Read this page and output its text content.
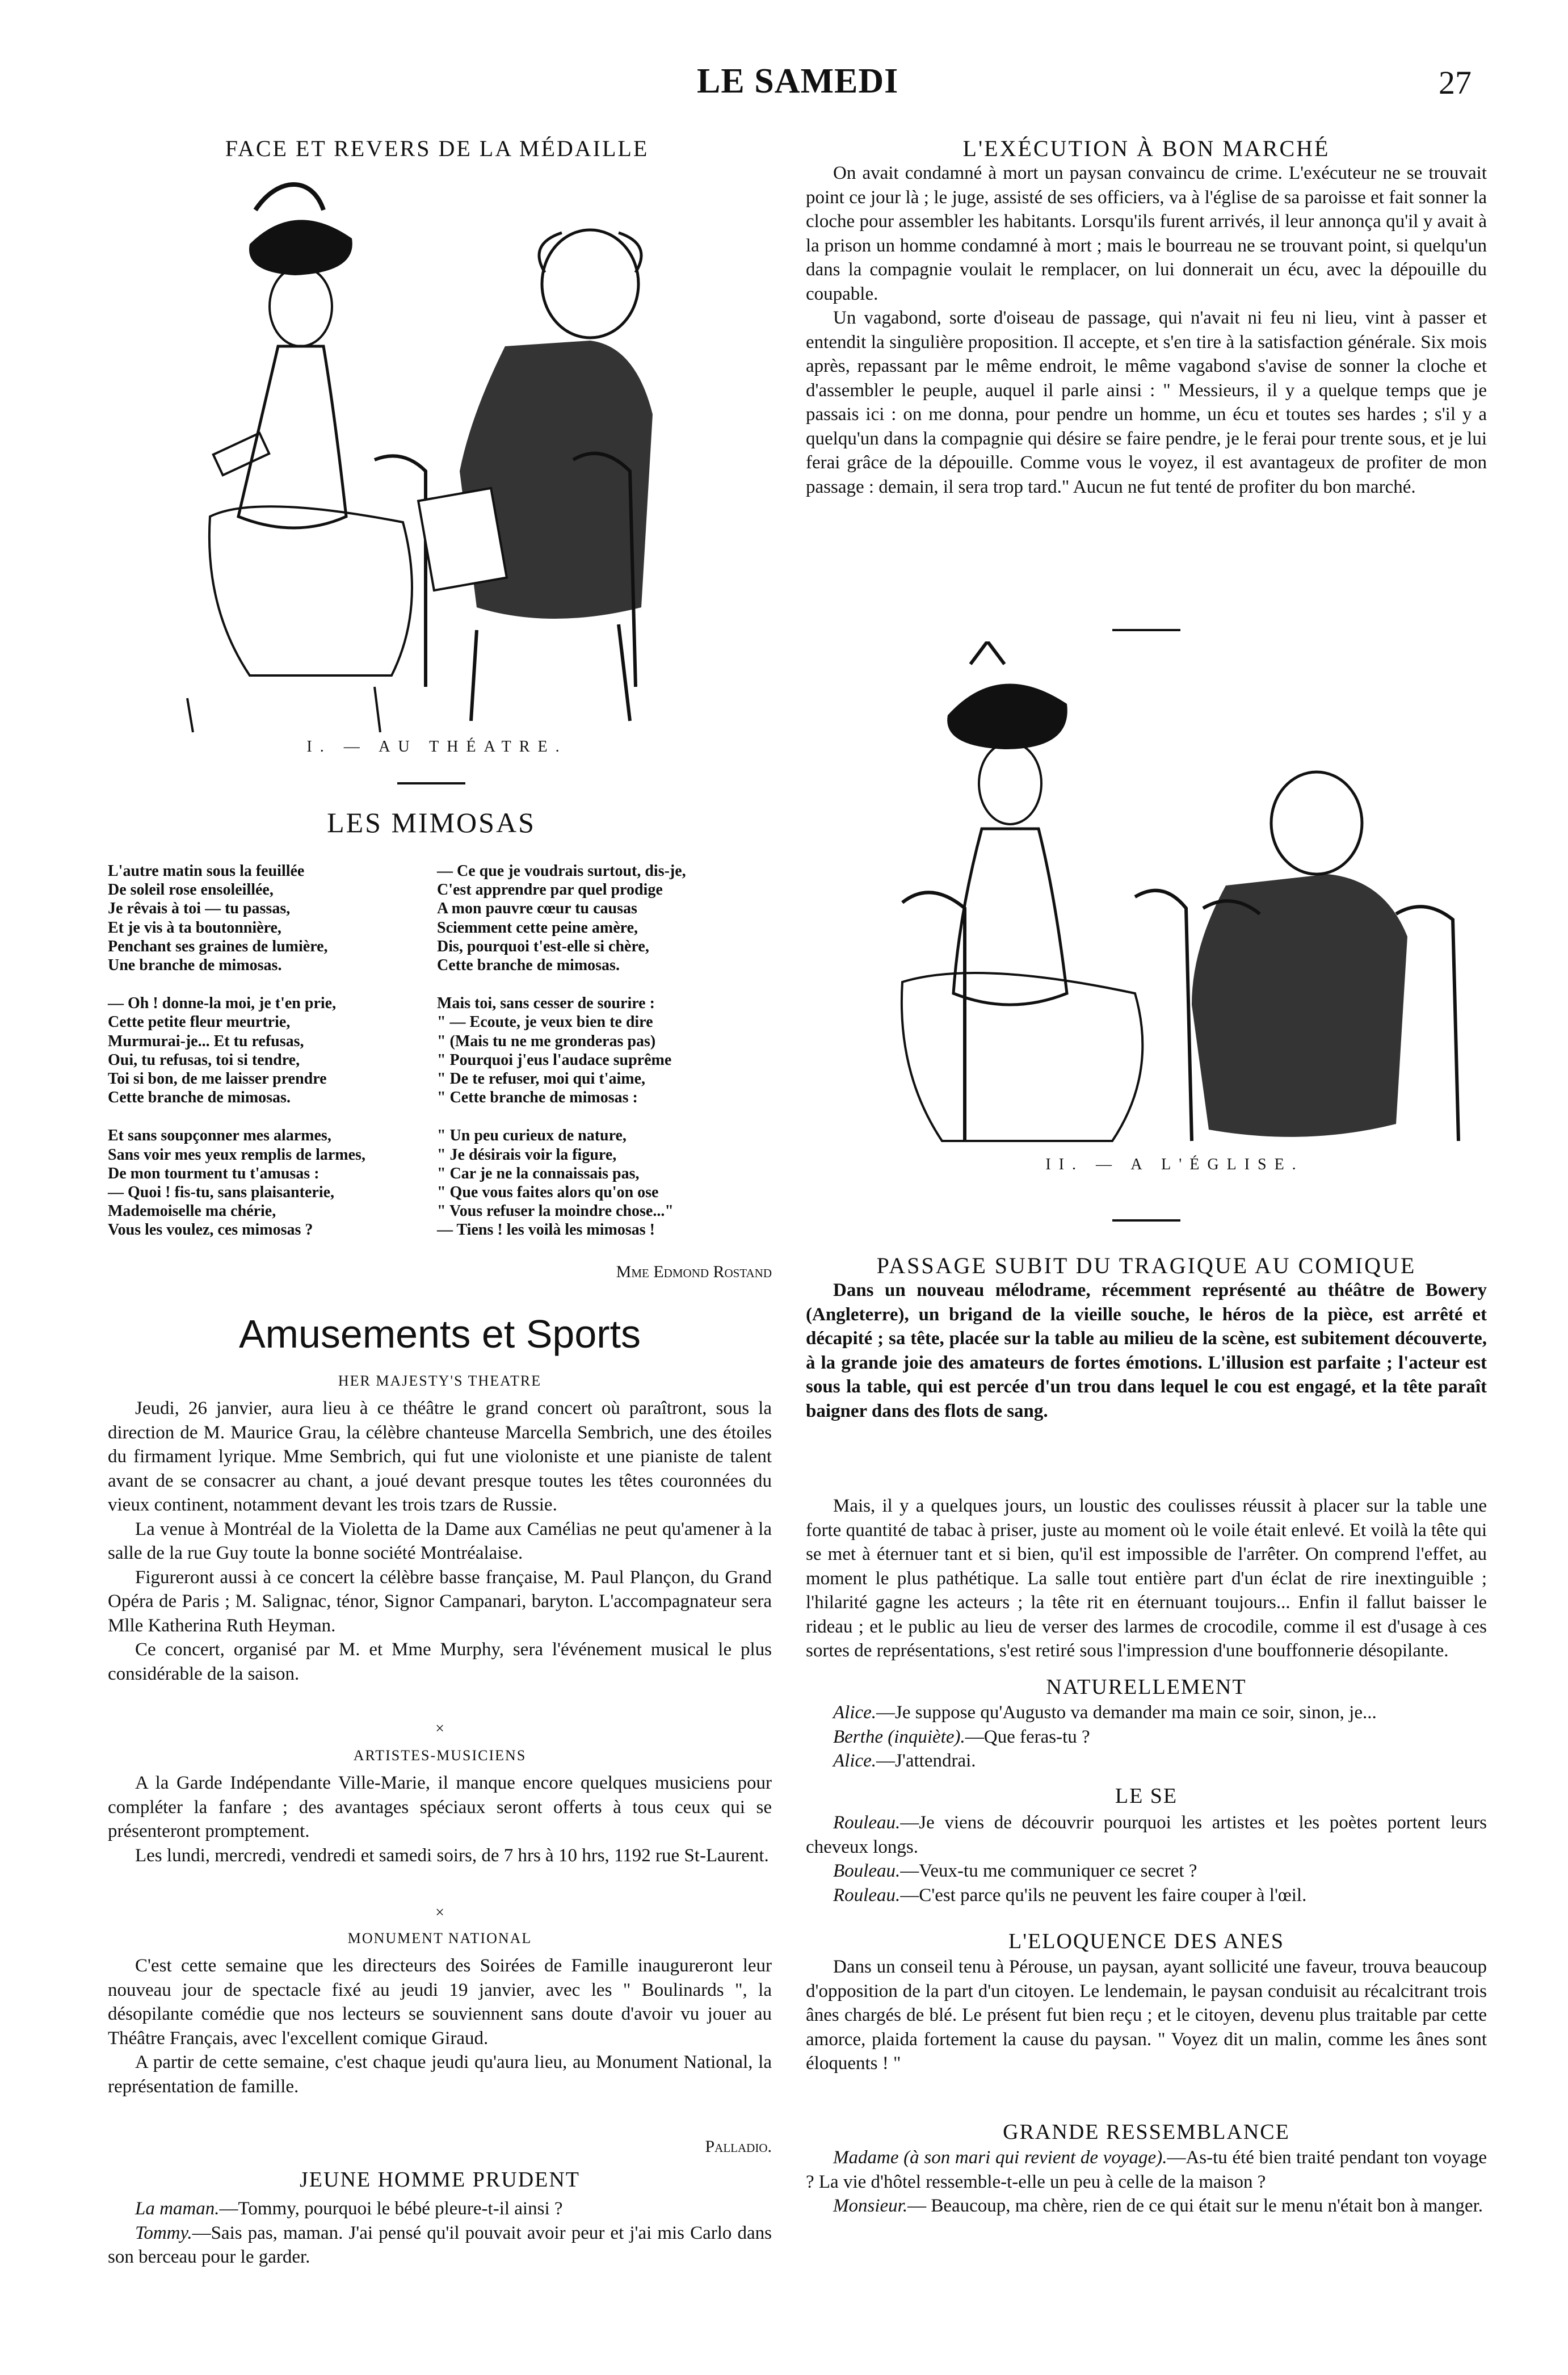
LE SAMEDI	27
FACE ET REVERS DE LA MÉDAILLE
I. — AU THÉATRE.
LES MIMOSAS
L'autre matin sous la feuillée
De soleil rose ensoleillée,
Je rêvais à toi — tu passas,
Et je vis à ta boutonnière,
Penchant ses graines de lumière,
Une branche de mimosas.
— Oh ! donne-la moi, je t'en prie,
Cette petite fleur meurtrie,
Murmurai-je... Et tu refusas,
Oui, tu refusas, toi si tendre,
Toi si bon, de me laisser prendre
Cette branche de mimosas.
Et sans soupçonner mes alarmes,
Sans voir mes yeux remplis de larmes,
De mon tourment tu t'amusas :
— Quoi ! fis-tu, sans plaisanterie,
Mademoiselle ma chérie,
Vous les voulez, ces mimosas ?
— Ce que je voudrais surtout, dis-je,
C'est apprendre par quel prodige
A mon pauvre cœur tu causas
Sciemment cette peine amère,
Dis, pourquoi t'est-elle si chère,
Cette branche de mimosas.
Mais toi, sans cesser de sourire :
" — Ecoute, je veux bien te dire
" (Mais tu ne me gronderas pas)
" Pourquoi j'eus l'audace suprême
" De te refuser, moi qui t'aime,
" Cette branche de mimosas :
" Un peu curieux de nature,
" Je désirais voir la figure,
" Car je ne la connaissais pas,
" Que vous faites alors qu'on ose
" Vous refuser la moindre chose..."
— Tiens ! les voilà les mimosas !
Mme Edmond Rostand
Amusements et Sports
HER MAJESTY'S THEATRE

Jeudi, 26 janvier, aura lieu à ce théâtre le grand concert où paraîtront, sous la direction de M. Maurice Grau, la célèbre chanteuse Marcella Sembrich, une des étoiles du firmament lyrique. Mme Sembrich, qui fut une violoniste et une pianiste de talent avant de se consacrer au chant, a joué devant presque toutes les têtes couronnées du vieux continent, notamment devant les trois tzars de Russie.

La venue à Montréal de la Violetta de la Dame aux Camélias ne peut qu'amener à la salle de la rue Guy toute la bonne société Montréalaise.

Figureront aussi à ce concert la célèbre basse française, M. Paul Plançon, du Grand Opéra de Paris ; M. Salignac, ténor, Signor Campanari, baryton. L'accompagnateur sera Mlle Katherina Ruth Heyman.

Ce concert, organisé par M. et Mme Murphy, sera l'événement musical le plus considérable de la saison.

×
ARTISTES-MUSICIENS

A la Garde Indépendante Ville-Marie, il manque encore quelques musiciens pour compléter la fanfare ; des avantages spéciaux seront offerts à tous ceux qui se présenteront promptement.

Les lundi, mercredi, vendredi et samedi soirs, de 7 hrs à 10 hrs, 1192 rue St-Laurent.

×
MONUMENT NATIONAL

C'est cette semaine que les directeurs des Soirées de Famille inaugureront leur nouveau jour de spectacle fixé au jeudi 19 janvier, avec les " Boulinards ", la désopilante comédie que nos lecteurs se souviennent sans doute d'avoir vu jouer au Théâtre Français, avec l'excellent comique Giraud.

A partir de cette semaine, c'est chaque jeudi qu'aura lieu, au Monument National, la représentation de famille.

Palladio.
JEUNE HOMME PRUDENT

La maman.—Tommy, pourquoi le bébé pleure-t-il ainsi ?

Tommy.—Sais pas, maman. J'ai pensé qu'il pouvait avoir peur et j'ai mis Carlo dans son berceau pour le garder.

L'EXÉCUTION À BON MARCHÉ

On avait condamné à mort un paysan convaincu de crime. L'exécuteur ne se trouvait point ce jour là ; le juge, assisté de ses officiers, va à l'église de sa paroisse et fait sonner la cloche pour assembler les habitants. Lorsqu'ils furent arrivés, il leur annonça qu'il y avait à la prison un homme condamné à mort ; mais le bourreau ne se trouvant point, si quelqu'un dans la compagnie voulait le remplacer, on lui donnerait un écu, avec la dépouille du coupable.

Un vagabond, sorte d'oiseau de passage, qui n'avait ni feu ni lieu, vint à passer et entendit la singulière proposition. Il accepte, et s'en tire à la satisfaction générale. Six mois après, repassant par le même endroit, le même vagabond s'avise de sonner la cloche et d'assembler le peuple, auquel il parle ainsi : " Messieurs, il y a quelque temps que je passais ici : on me donna, pour pendre un homme, un écu et toutes ses hardes ; s'il y a quelqu'un dans la compagnie qui désire se faire pendre, je le ferai pour trente sous, et je lui ferai grâce de la dépouille. Comme vous le voyez, il est avantageux de profiter de mon passage : demain, il sera trop tard." Aucun ne fut tenté de profiter du bon marché.

II. — A L'ÉGLISE.
PASSAGE SUBIT DU TRAGIQUE AU COMIQUE

Dans un nouveau mélodrame, récemment représenté au théâtre de Bowery (Angleterre), un brigand de la vieille souche, le héros de la pièce, est arrêté et décapité ; sa tête, placée sur la table au milieu de la scène, est subitement découverte, à la grande joie des amateurs de fortes émotions. L'illusion est parfaite ; l'acteur est sous la table, qui est percée d'un trou dans lequel le cou est engagé, et la tête paraît baigner dans des flots de sang.

Mais, il y a quelques jours, un loustic des coulisses réussit à placer sur la table une forte quantité de tabac à priser, juste au moment où le voile était enlevé. Et voilà la tête qui se met à éternuer tant et si bien, qu'il est impossible de l'arrêter. On comprend l'effet, au moment le plus pathétique. La salle tout entière part d'un éclat de rire inextinguible ; l'hilarité gagne les acteurs ; la tête rit en éternuant toujours... Enfin il fallut baisser le rideau ; et le public au lieu de verser des larmes de crocodile, comme il est d'usage à ces sortes de représentations, s'est retiré sous l'impression d'une bouffonnerie désopilante.

NATURELLEMENT

Alice.—Je suppose qu'Augusto va demander ma main ce soir, sinon, je...

Berthe (inquiète).—Que feras-tu ?

Alice.—J'attendrai.

LE SE

Rouleau.—Je viens de découvrir pourquoi les artistes et les poètes portent leurs cheveux longs.

Bouleau.—Veux-tu me communiquer ce secret ?

Rouleau.—C'est parce qu'ils ne peuvent les faire couper à l'œil.

L'ELOQUENCE DES ANES

Dans un conseil tenu à Pérouse, un paysan, ayant sollicité une faveur, trouva beaucoup d'opposition de la part d'un citoyen. Le lendemain, le paysan conduisit au récalcitrant trois ânes chargés de blé. Le présent fut bien reçu ; et le citoyen, devenu plus traitable par cette amorce, plaida fortement la cause du paysan. " Voyez dit un malin, comme les ânes sont éloquents ! "

GRANDE RESSEMBLANCE

Madame (à son mari qui revient de voyage).—As-tu été bien traité pendant ton voyage ? La vie d'hôtel ressemble-t-elle un peu à celle de la maison ?

Monsieur.— Beaucoup, ma chère, rien de ce qui était sur le menu n'était bon à manger.
